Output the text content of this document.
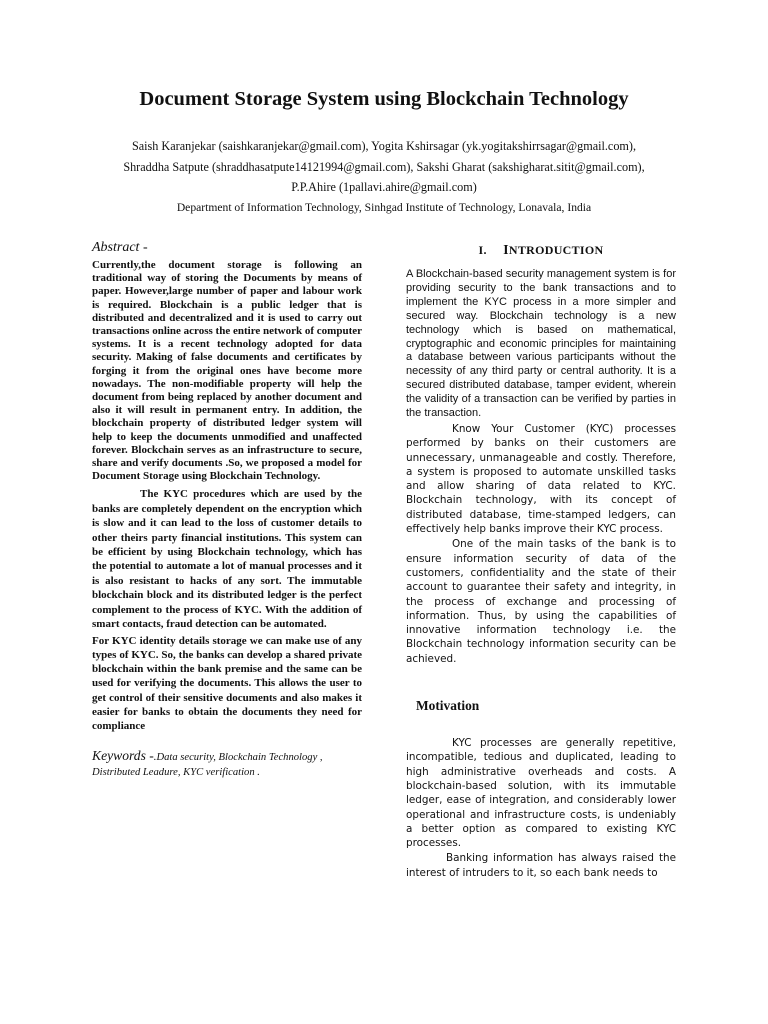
Document Storage System using Blockchain Technology
Saish Karanjekar (saishkaranjekar@gmail.com), Yogita Kshirsagar (yk.yogitakshirrsagar@gmail.com),
Shraddha Satpute (shraddhasatpute14121994@gmail.com), Sakshi Gharat (sakshigharat.sitit@gmail.com),
P.P.Ahire (1pallavi.ahire@gmail.com)
Department of Information Technology, Sinhgad Institute of Technology, Lonavala, India
Abstract -

Currently,the document storage is following an traditional way of storing the Documents by means of paper. However,large number of paper and labour work is required. Blockchain is a public ledger that is distributed and decentralized and it is used to carry out transactions online across the entire network of computer systems. It is a recent technology adopted for data security. Making of false documents and certificates by forging it from the original ones have become more nowadays. The non-modifiable property will help the document from being replaced by another document and also it will result in permanent entry. In addition, the blockchain property of distributed ledger system will help to keep the documents unmodified and unaffected forever. Blockchain serves as an infrastructure to secure, share and verify documents .So, we proposed a model for Document Storage using Blockchain Technology.

The KYC procedures which are used by the banks are completely dependent on the encryption which is slow and it can lead to the loss of customer details to other theirs party financial institutions. This system can be efficient by using Blockchain technology, which has the potential to automate a lot of manual processes and it is also resistant to hacks of any sort. The immutable blockchain block and its distributed ledger is the perfect complement to the process of KYC. With the addition of smart contacts, fraud detection can be automated.

For KYC identity details storage we can make use of any types of KYC. So, the banks can develop a shared private blockchain within the bank premise and the same can be used for verifying the documents. This allows the user to get control of their sensitive documents and also makes it easier for banks to obtain the documents they need for compliance

Keywords -.Data security, Blockchain Technology , Distributed Leadure, KYC verification .
I. INTRODUCTION

A Blockchain-based security management system is for providing security to the bank transactions and to implement the KYC process in a more simpler and secured way. Blockchain technology is a new technology which is based on mathematical, cryptographic and economic principles for maintaining a database between various participants without the necessity of any third party or central authority. It is a secured distributed database, tamper evident, wherein the validity of a transaction can be verified by parties in the transaction.

Know Your Customer (KYC) processes performed by banks on their customers are unnecessary, unmanageable and costly. Therefore, a system is proposed to automate unskilled tasks and allow sharing of data related to KYC. Blockchain technology, with its concept of distributed database, time-stamped ledgers, can effectively help banks improve their KYC process.

One of the main tasks of the bank is to ensure information security of data of the customers, confidentiality and the state of their account to guarantee their safety and integrity, in the process of exchange and processing of information. Thus, by using the capabilities of innovative information technology i.e. the Blockchain technology information security can be achieved.

Motivation

KYC processes are generally repetitive, incompatible, tedious and duplicated, leading to high administrative overheads and costs. A blockchain-based solution, with its immutable ledger, ease of integration, and considerably lower operational and infrastructure costs, is undeniably a better option as compared to existing KYC processes.

Banking information has always raised the interest of intruders to it, so each bank needs to
